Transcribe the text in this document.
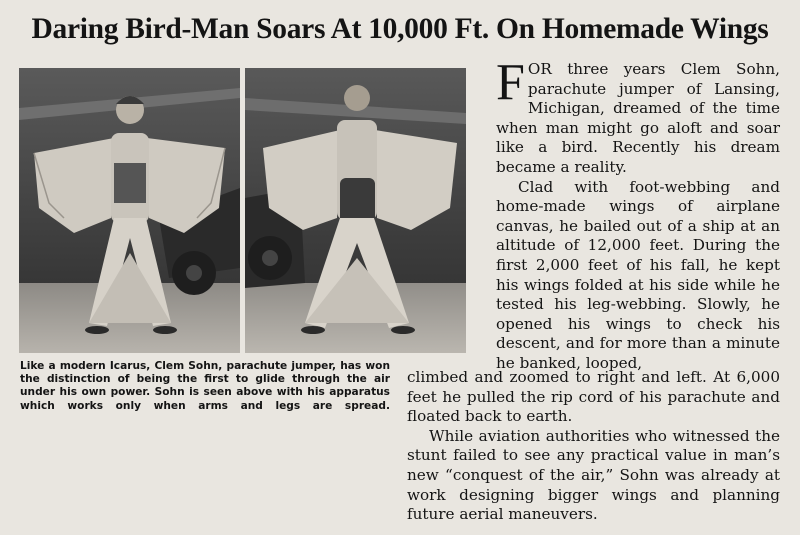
Daring Bird-Man Soars At 10,000 Ft. On Homemade Wings

Like a modern Icarus, Clem Sohn, parachute jumper, has won the distinction of being the first to glide through the air under his own power. Sohn is seen above with his apparatus which works only when arms and legs are spread.

FOR three years Clem Sohn, parachute jumper of Lansing, Michigan, dreamed of the time when man might go aloft and soar like a bird. Recently his dream became a reality.

Clad with foot-webbing and home-made wings of airplane canvas, he bailed out of a ship at an altitude of 12,000 feet. During the first 2,000 feet of his fall, he kept his wings folded at his side while he tested his leg-webbing. Slowly, he opened his wings to check his descent, and for more than a minute he banked, looped,

climbed and zoomed to right and left. At 6,000 feet he pulled the rip cord of his parachute and floated back to earth.

While aviation authorities who witnessed the stunt failed to see any practical value in man’s new “conquest of the air,” Sohn was already at work designing bigger wings and planning future aerial maneuvers.
